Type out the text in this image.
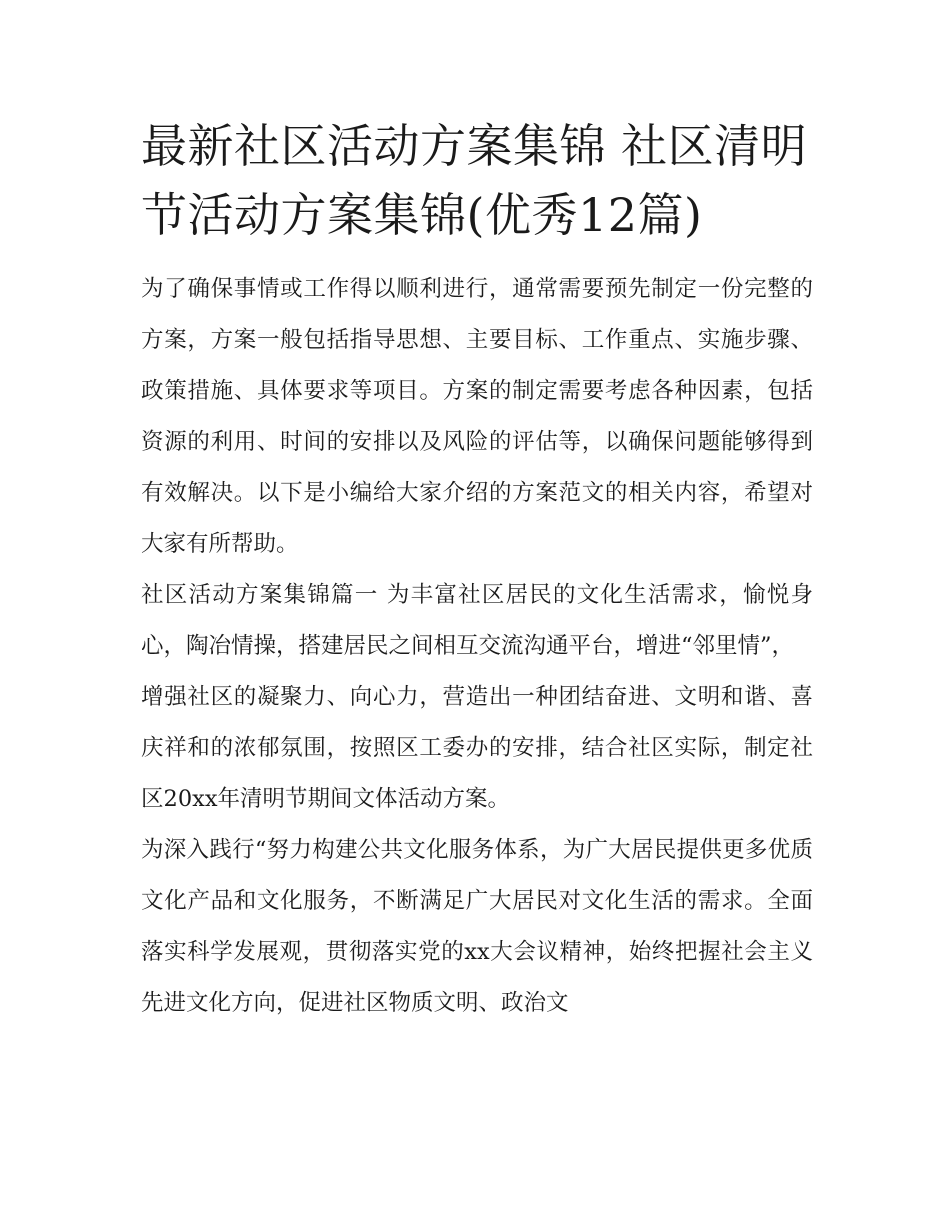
最新社区活动方案集锦 社区清明节活动方案集锦(优秀12篇)

为了确保事情或工作得以顺利进行，通常需要预先制定一份完整的方案，方案一般包括指导思想、主要目标、工作重点、实施步骤、政策措施、具体要求等项目。方案的制定需要考虑各种因素，包括资源的利用、时间的安排以及风险的评估等，以确保问题能够得到有效解决。以下是小编给大家介绍的方案范文的相关内容，希望对大家有所帮助。

社区活动方案集锦篇一 为丰富社区居民的文化生活需求，愉悦身心，陶冶情操，搭建居民之间相互交流沟通平台，增进“邻里情”，

增强社区的凝聚力、向心力，营造出一种团结奋进、文明和谐、喜庆祥和的浓郁氛围，按照区工委办的安排，结合社区实际，制定社区20xx年清明节期间文体活动方案。

为深入践行“努力构建公共文化服务体系，为广大居民提供更多优质文化产品和文化服务，不断满足广大居民对文化生活的需求。全面落实科学发展观，贯彻落实党的xx大会议精神，始终把握社会主义先进文化方向，促进社区物质文明、政治文
